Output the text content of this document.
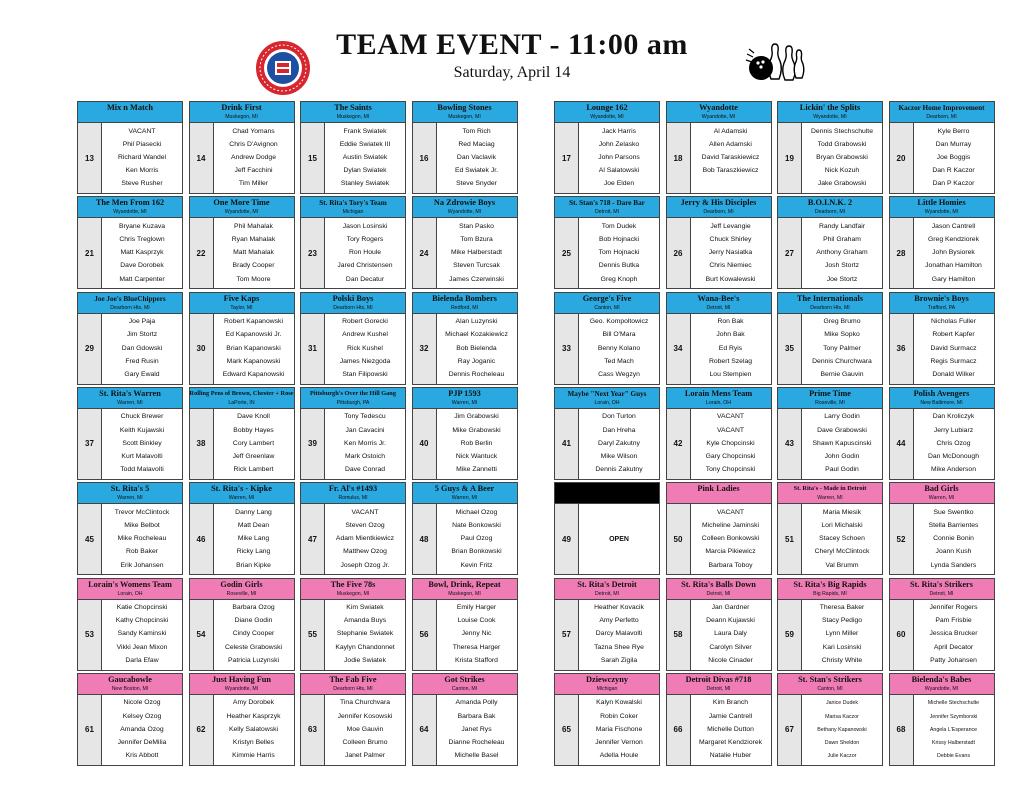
TEAM EVENT - 11:00 am
Saturday, April 14
Mix n Match
13
VACANT
Phil Piasecki
Richard Wandel
Ken Morris
Steve Rusher
Drink First
Muskegon, MI
14
Chad Yomans
Chris D'Avignon
Andrew Dodge
Jeff Facchini
Tim Miller
The Saints
Muskegon, MI
15
Frank Swiatek
Eddie Swiatek III
Austin Swiatek
Dylan Swiatek
Stanley Swiatek
Bowling Stones
Muskegon, MI
16
Tom Rich
Red Maciag
Dan Vaclavik
Ed Swiatek Jr.
Steve Snyder
The Men From 162
Wyandotte, MI
21
Bryane Kuzava
Chris Treglown
Matt Kasprzyk
Dave Dorobek
Matt Carpenter
One More Time
Wyandotte, MI
22
Phil Mahalak
Ryan Mahalak
Matt Mahalak
Brady Cooper
Tom Moore
St. Rita's Tory's Team
Michigan
23
Jason Losinski
Tory Rogers
Ron Houle
Jared Christensen
Dan Decatur
Na Zdrowie Boys
Wyandotte, MI
24
Stan Pasko
Tom Bzura
Mike Halberstadt
Steven Turcsak
James Czerwinski
Joe Joe's BlueChippers
Dearborn Hts, MI
29
Joe Paja
Jim Stortz
Dan Gdowski
Fred Rusin
Gary Ewald
Five Kaps
Taylor, MI
30
Robert Kapanowski
Ed Kapanowski Jr.
Brian Kapanowski
Mark Kapanowski
Edward Kapanowski
Polski Boys
Dearborn Hts, MI
31
Robert Gorecki
Andrew Kushel
Rick Kushel
James Niezgoda
Stan Filipowski
Bielenda Bombers
Redford, MI
32
Alan Luzynski
Michael Kozakiewicz
Bob Bielenda
Ray Joganic
Dennis Rocheleau
St. Rita's Warren
Warren, MI
37
Chuck Brewer
Keith Kujawski
Scott Binkley
Kurt Malavolti
Todd Malavolti
Rolling Pens of Brown, Chester + Rose
LaPorte, IN
38
Dave Knoll
Bobby Hayes
Cory Lambert
Jeff Greenlaw
Rick Lambert
Pittsburgh's Over the Hill Gang
Pittsburgh, PA
39
Tony Tedescu
Jan Cavacini
Ken Morris Jr.
Mark Ostoich
Dave Conrad
PJP 1593
Warren, MI
40
Jim Grabowski
Mike Grabowski
Rob Berlin
Nick Wantuck
Mike Zannetti
St. Rita's 5
Warren, MI
45
Trevor McClintock
Mike Belbot
Mike Rocheleau
Rob Baker
Erik Johansen
St. Rita's - Kipke
Warren, MI
46
Danny Lang
Matt Dean
Mike Lang
Ricky Lang
Brian Kipke
Fr. Al's #1493
Romulus, MI
47
VACANT
Steven Ozog
Adam Mientkiewicz
Matthew Ozog
Joseph Ozog Jr.
5 Guys & A Beer
Warren, MI
48
Michael Ozog
Nate Bonkowski
Paul Ozog
Brian Bonkowski
Kevin Fritz
Lorain's Womens Team
Lorain, OH
53
Katie Chopcinski
Kathy Chopcinski
Sandy Kaminski
Vikki Jean Mixon
Darla Efaw
Godin Girls
Roseville, MI
54
Barbara Ozog
Diane Godin
Cindy Cooper
Celeste Grabowski
Patricia Luzynski
The Five 78s
Muskegon, MI
55
Kim Swiatek
Amanda Buys
Stephanie Swiatek
Kaylyn Chandonnet
Jodie Swiatek
Bowl, Drink, Repeat
Muskegon, MI
56
Emily Harger
Louise Cook
Jenny Nic
Theresa Harger
Krista Stafford
Gaucabowle
New Boston, MI
61
Nicole Ozog
Kelsey Ozog
Amanda Ozog
Jennifer DeMilia
Kris Abbott
Just Having Fun
Wyandotte, MI
62
Amy Dorobek
Heather Kasprzyk
Kelly Salatowski
Kristyn Belles
Kimmie Harris
The Fab Five
Dearborn Hts, MI
63
Tina Churchvara
Jennifer Kosowski
Moe Gauvin
Colleen Brumo
Janet Palmer
Got Strikes
Canton, MI
64
Amanda Polly
Barbara Bak
Janet Rys
Dianne Rocheleau
Michelle Basel
Lounge 162
Wyandotte, MI
17
Jack Harris
John Zelasko
John Parsons
Al Salatowski
Joe Elden
Wyandotte
Wyandotte, MI
18
Al Adamski
Allen Adamski
David Taraskiewicz
Bob Taraszkiewicz

Lickin' the Splits
Wyandotte, MI
19
Dennis Stechschulte
Todd Grabowski
Bryan Grabowski
Nick Kozuh
Jake Grabowski
Kaczor Home Improvement
Dearborn, MI
20
Kyle Berro
Dan Murray
Joe Boggis
Dan R Kaczor
Dan P Kaczor
St. Stan's 718 - Dare Bar
Detroit, MI
25
Tom Dudek
Bob Hojnacki
Tom Hojnacki
Dennis Butka
Greg Knoph
Jerry & His Disciples
Dearborn, MI
26
Jeff Levangie
Chuck Shirley
Jerry Nasiatka
Chris Niemiec
Burt Kowalewski
B.O.I.N.K. 2
Dearborn, MI
27
Randy Landfair
Phil Graham
Anthony Graham
Josh Stortz
Joe Stortz
Little Homies
Wyandotte, MI
28
Jason Cantrell
Greg Kendziorek
John Bysiorek
Jonathan Hamilton
Gary Hamilton
George's Five
Canton, MI
33
Geo. Kompoltowicz
Bill O'Mara
Benny Kolano
Ted Mach
Cass Wegzyn
Wana-Bee's
Detroit, MI
34
Ron Bak
John Bak
Ed Ryis
Robert Szelag
Lou Stempien
The Internationals
Dearborn Hts, MI
35
Greg Brumo
Mike Sopko
Tony Palmer
Dennis Churchwara
Bernie Gauvin
Brownie's Boys
Trafford, PA
36
Nicholas Fuller
Robert Kapfer
David Surmacz
Regis Surmacz
Donald Wilker
Maybe "Next Year" Guys
Lorain, OH
41
Don Turton
Dan Hreha
Daryl Zakutny
Mike Wilson
Dennis Zakutny
Lorain Mens Team
Lorain, OH
42
VACANT
VACANT
Kyle Chopcinski
Gary Chopcinski
Tony Chopcinski
Prime Time
Roseville, MI
43
Larry Godin
Dave Grabowski
Shawn Kapuscinski
John Godin
Paul Godin
Polish Avengers
New Baltimore, MI
44
Dan Kroliczyk
Jerry Lubiarz
Chris Ozog
Dan McDonough
Mike Anderson
49	OPEN
Pink Ladies
50
VACANT
Micheline Jaminski
Colleen Bonkowski
Marcia Pikiewicz
Barbara Toboy
St. Rita's - Made in Detroit
Warren, MI
51
Maria Miesik
Lori Michalski
Stacey Schoen
Cheryl McClintock
Val Brumm
Bad Girls
Warren, MI
52
Sue Swentko
Stella Barrientes
Connie Bonin
Joann Kush
Lynda Sanders
St. Rita's Detroit
Detroit, MI
57
Heather Kovacik
Amy Perfetto
Darcy Malavolti
Tazna Shee Rye
Sarah Zigila
St. Rita's Balls Down
Detroit, MI
58
Jan Gardner
Deann Kujawski
Laura Daly
Carolyn Silver
Nicole Cinader
St. Rita's Big Rapids
Big Rapids, MI
59
Theresa Baker
Stacy Pedigo
Lynn Miller
Kari Losinski
Christy White
St. Rita's Strikers
Detroit, MI
60
Jennifer Rogers
Pam Frisbie
Jessica Brucker
April Decator
Patty Johansen
Dziewczyny
Michigan
65
Kalyn Kowalski
Robin Coker
Maria Fischone
Jennifer Vernon
Adella Houle
Detroit Divas #718
Detroit, MI
66
Kim Branch
Jamie Cantrell
Michelle Dutton
Margaret Kendziorek
Natalie Huber
St. Stan's Strikers
Canton, MI
67
Janice Dudek
Marisa Kaczor
Bethany Kapanowski
Dawn Sheldon
Julie Kaczor
Bielenda's Babes
Wyandotte, MI
68
Michelle Stechschulte
Jennifer Szymborski
Angela L'Esperance
Krissy Halberstadt
Debbie Evans
